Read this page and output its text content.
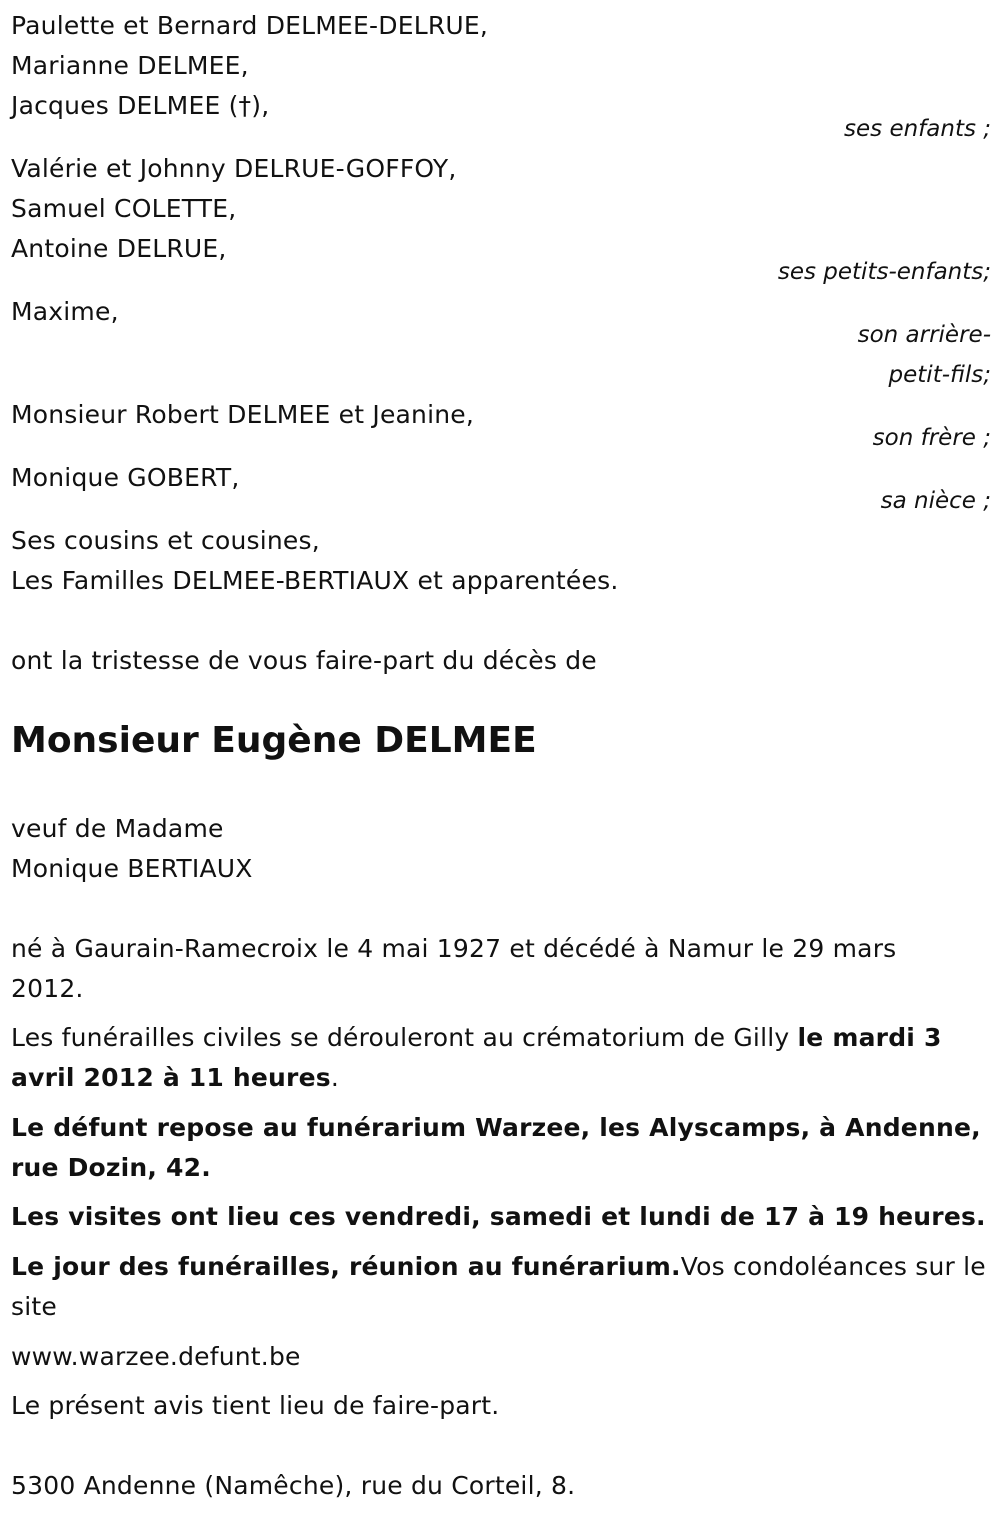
Paulette et Bernard DELMEE-DELRUE,
Marianne DELMEE,
Jacques DELMEE (†),
ses enfants ;
Valérie et Johnny DELRUE-GOFFOY,
Samuel COLETTE,
Antoine DELRUE,
ses petits-enfants;
Maxime,
son arrière-
petit-fils;
Monsieur Robert DELMEE et Jeanine,
son frère ;
Monique GOBERT,
sa nièce ;
Ses cousins et cousines,
Les Familles DELMEE-BERTIAUX et apparentées.
ont la tristesse de vous faire-part du décès de
Monsieur Eugène DELMEE
veuf de Madame
Monique BERTIAUX
né à Gaurain-Ramecroix le 4 mai 1927 et décédé à Namur le 29 mars 2012.
Les funérailles civiles se dérouleront au crématorium de Gilly le mardi 3 avril 2012 à 11 heures.
Le défunt repose au funérarium Warzee, les Alyscamps, à Andenne, rue Dozin, 42.
Les visites ont lieu ces vendredi, samedi et lundi de 17 à 19 heures.
Le jour des funérailles, réunion au funérarium.Vos condoléances sur le site
www.warzee.defunt.be
Le présent avis tient lieu de faire-part.
5300 Andenne (Namêche), rue du Corteil, 8.
